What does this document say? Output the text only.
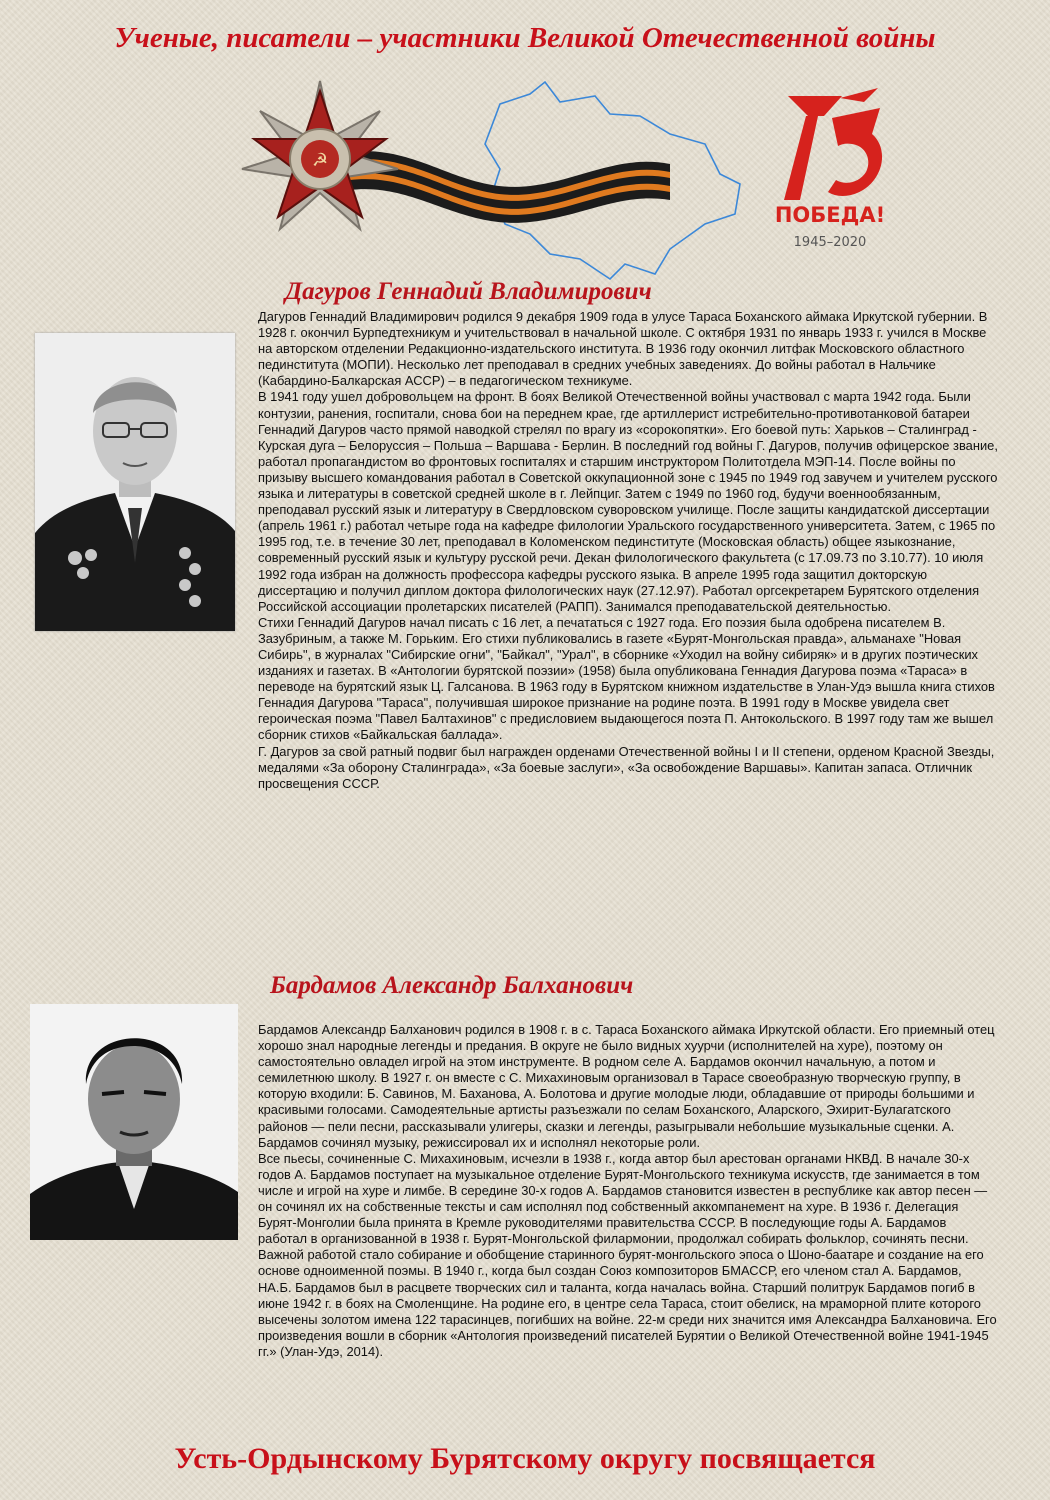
Ученые, писатели – участники Великой Отечественной войны
☭
75
ПОБЕДА!
1945–2020
Дагуров Геннадий Владимирович

Дагуров Геннадий Владимирович родился 9 декабря 1909 года в улусе Тараса Боханского аймака Иркутской губернии. В 1928 г. окончил Бурпедтехникум и учительствовал в начальной школе. С октября 1931 по январь 1933 г. учился в Москве на авторском отделении Редакционно-издательского института. В 1936 году окончил литфак Московского областного пединститута (МОПИ). Несколько лет преподавал в средних учебных заведениях. До войны работал в Нальчике (Кабардино-Балкарская АССР) – в педагогическом техникуме.

В 1941 году ушел добровольцем на фронт. В боях Великой Отечественной войны участвовал с марта 1942 года. Были контузии, ранения, госпитали, снова бои на переднем крае, где артиллерист истребительно-противотанковой батареи Геннадий Дагуров часто прямой наводкой стрелял по врагу из «сорокопятки». Его боевой путь: Харьков – Сталинград - Курская дуга – Белоруссия – Польша – Варшава - Берлин. В последний год войны Г. Дагуров, получив офицерское звание, работал пропагандистом во фронтовых госпиталях и старшим инструктором Политотдела МЭП-14. После войны по призыву высшего командования работал в Советской оккупационной зоне с 1945 по 1949 год завучем и учителем русского языка и литературы в советской средней школе в г. Лейпциг. Затем с 1949 по 1960 год, будучи военнообязанным, преподавал русский язык и литературу в Свердловском суворовском училище. После защиты кандидатской диссертации (апрель 1961 г.) работал четыре года на кафедре филологии Уральского государственного университета. Затем, с 1965 по 1995 год, т.е. в течение 30 лет, преподавал в Коломенском пединституте (Московская область) общее языкознание, современный русский язык и культуру русской речи. Декан филологического факультета (с 17.09.73 по 3.10.77). 10 июля 1992 года избран на должность профессора кафедры русского языка. В апреле 1995 года защитил докторскую диссертацию и получил диплом доктора филологических наук (27.12.97). Работал оргсекретарем Бурятского отделения Российской ассоциации пролетарских писателей (РАПП). Занимался преподавательской деятельностью.

Стихи Геннадий Дагуров начал писать с 16 лет, а печататься с 1927 года. Его поэзия была одобрена писателем В. Зазубриным, а также М. Горьким. Его стихи публиковались в газете «Бурят-Монгольская правда», альманахе "Новая Сибирь", в журналах "Сибирские огни", "Байкал", "Урал", в сборнике «Уходил на войну сибиряк» и в других поэтических изданиях и газетах. В «Антологии бурятской поэзии» (1958) была опубликована Геннадия Дагурова поэма «Тараса» в переводе на бурятский язык Ц. Галсанова. В 1963 году в Бурятском книжном издательстве в Улан-Удэ вышла книга стихов Геннадия Дагурова "Тараса", получившая широкое признание на родине поэта. В 1991 году в Москве увидела свет героическая поэма "Павел Балтахинов" с предисловием выдающегося поэта П. Антокольского. В 1997 году там же вышел сборник стихов «Байкальская баллада».

Г. Дагуров за свой ратный подвиг был награжден орденами Отечественной войны I и II степени, орденом Красной Звезды, медалями «За оборону Сталинграда», «За боевые заслуги», «За освобождение Варшавы». Капитан запаса. Отличник просвещения СССР.

Бардамов Александр Балханович

Бардамов Александр Балханович родился в 1908 г. в с. Тараса Боханского аймака Иркутской области. Его приемный отец хорошо знал народные легенды и предания. В округе не было видных хуурчи (исполнителей на хуре), поэтому он самостоятельно овладел игрой на этом инструменте. В родном селе А. Бардамов окончил начальную, а потом и семилетнюю школу. В 1927 г. он вместе с С. Михахиновым организовал в Тарасе своеобразную творческую группу, в которую входили: Б. Савинов, М. Баханова, А. Болотова и другие молодые люди, обладавшие от природы большими и красивыми голосами. Самодеятельные артисты разъезжали по селам Боханского, Аларского, Эхирит-Булагатского районов — пели песни, рассказывали улигеры, сказки и легенды, разыгрывали небольшие музыкальные сценки. А. Бардамов сочинял музыку, режиссировал их и исполнял некоторые роли.

Все пьесы, сочиненные С. Михахиновым, исчезли в 1938 г., когда автор был арестован органами НКВД. В начале 30-х годов А. Бардамов поступает на музыкальное отделение Бурят-Монгольского техникума искусств, где занимается в том числе и игрой на хуре и лимбе. В середине 30-х годов А. Бардамов становится известен в республике как автор песен — он сочинял их на собственные тексты и сам исполнял под собственный аккомпанемент на хуре. В 1936 г. Делегация Бурят-Монголии была принята в Кремле руководителями правительства СССР. В последующие годы А. Бардамов работал в организованной в 1938 г. Бурят-Монгольской филармонии, продолжал собирать фольклор, сочинять песни. Важной работой стало собирание и обобщение старинного бурят-монгольского эпоса о Шоно-баатаре и создание на его основе одноименной поэмы. В 1940 г., когда был создан Союз композиторов БМАССР, его членом стал А. Бардамов, НА.Б. Бардамов был в расцвете творческих сил и таланта, когда началась война. Старший политрук Бардамов погиб в июне 1942 г. в боях на Смоленщине. На родине его, в центре села Тараса, стоит обелиск, на мраморной плите которого высечены золотом имена 122 тарасинцев, погибших на войне. 22-м среди них значится имя Александра Балхановича. Его произведения вошли в сборник «Антология произведений писателей Бурятии о Великой Отечественной войне 1941-1945 гг.» (Улан-Удэ, 2014).

Усть-Ордынскому Бурятскому округу посвящается
